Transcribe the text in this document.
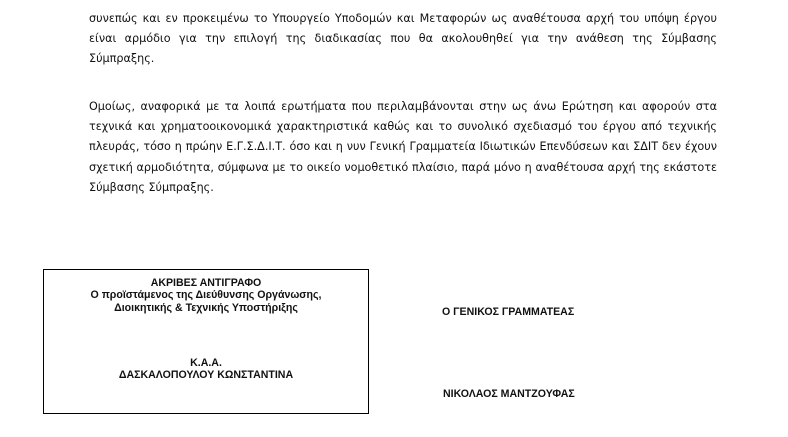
συνεπώς και εν προκειμένω το Υπουργείο Υποδομών και Μεταφορών ως αναθέτουσα αρχή του υπόψη έργου είναι αρμόδιο για την επιλογή της διαδικασίας που θα ακολουθηθεί για την ανάθεση της Σύμβασης Σύμπραξης.

Ομοίως, αναφορικά με τα λοιπά ερωτήματα που περιλαμβάνονται στην ως άνω Ερώτηση και αφορούν στα τεχνικά και χρηματοοικονομικά χαρακτηριστικά καθώς και το συνολικό σχεδιασμό του έργου από τεχνικής πλευράς, τόσο η πρώην Ε.Γ.Σ.Δ.Ι.Τ. όσο και η νυν Γενική Γραμματεία Ιδιωτικών Επενδύσεων και ΣΔΙΤ δεν έχουν σχετική αρμοδιότητα, σύμφωνα με το οικείο νομοθετικό πλαίσιο, παρά μόνο η αναθέτουσα αρχή της εκάστοτε Σύμβασης Σύμπραξης.

ΑΚΡΙΒΕΣ ΑΝΤΙΓΡΑΦΟ
Ο προϊστάμενος της Διεύθυνσης Οργάνωσης,
Διοικητικής & Τεχνικής Υποστήριξης
Κ.Α.Α.
ΔΑΣΚΑΛΟΠΟΥΛΟΥ ΚΩΝΣΤΑΝΤΙΝΑ
Ο ΓΕΝΙΚΟΣ ΓΡΑΜΜΑΤΕΑΣ
ΝΙΚΟΛΑΟΣ ΜΑΝΤΖΟΥΦΑΣ
